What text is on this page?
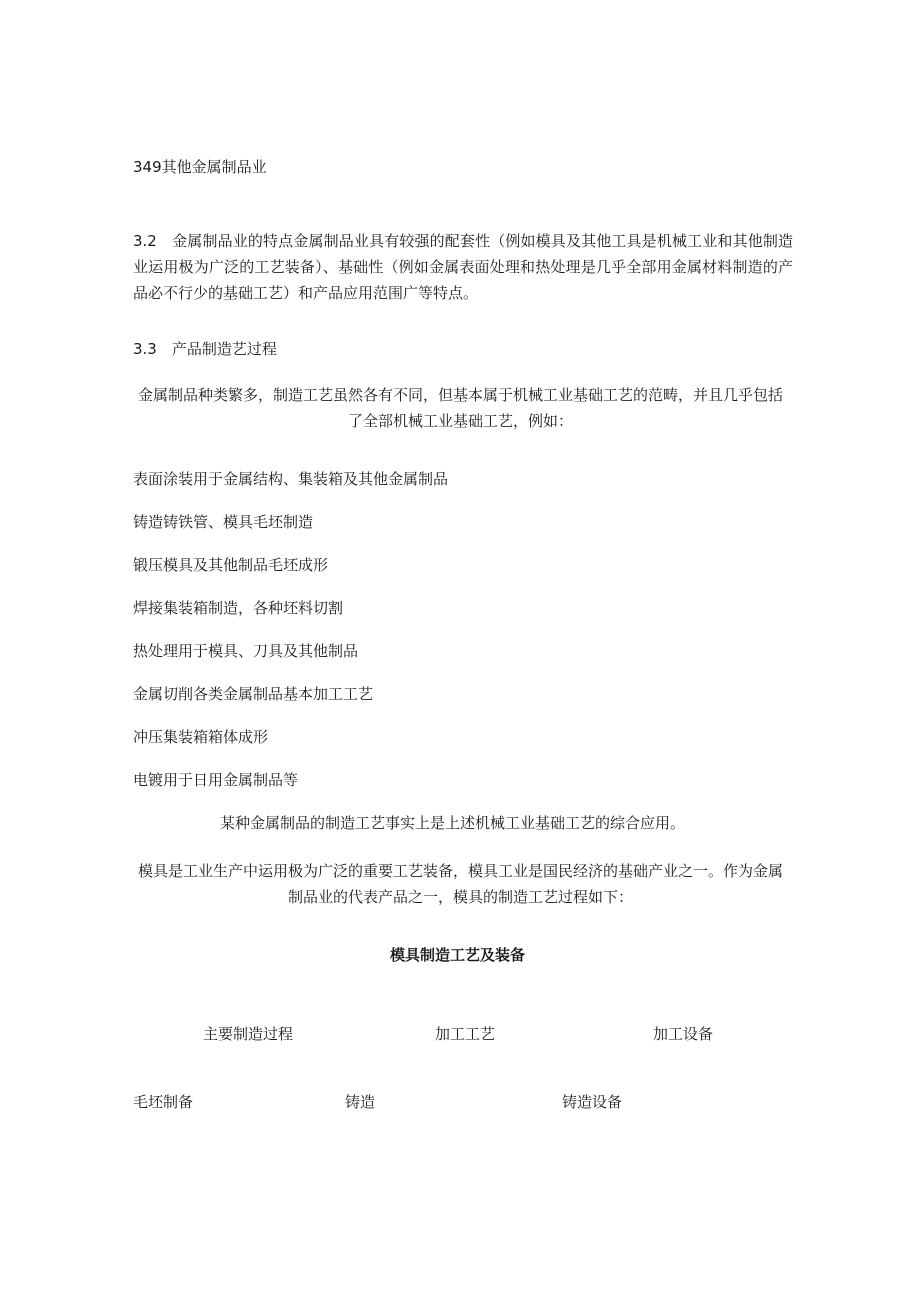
349其他金属制品业
3.2　金属制品业的特点金属制品业具有较强的配套性（例如模具及其他工具是机械工业和其他制造业运用极为广泛的工艺装备）、基础性（例如金属表面处理和热处理是几乎全部用金属材料制造的产品必不行少的基础工艺）和产品应用范围广等特点。
3.3　产品制造艺过程
金属制品种类繁多，制造工艺虽然各有不同，但基本属于机械工业基础工艺的范畴，并且几乎包括了全部机械工业基础工艺，例如：
表面涂装用于金属结构、集装箱及其他金属制品
铸造铸铁管、模具毛坯制造
锻压模具及其他制品毛坯成形
焊接集装箱制造，各种坯料切割
热处理用于模具、刀具及其他制品
金属切削各类金属制品基本加工工艺
冲压集装箱箱体成形
电镀用于日用金属制品等
某种金属制品的制造工艺事实上是上述机械工业基础工艺的综合应用。
模具是工业生产中运用极为广泛的重要工艺装备，模具工业是国民经济的基础产业之一。作为金属制品业的代表产品之一，模具的制造工艺过程如下：
模具制造工艺及装备
主要制造过程	加工工艺	加工设备
毛坯制备	铸造	铸造设备
